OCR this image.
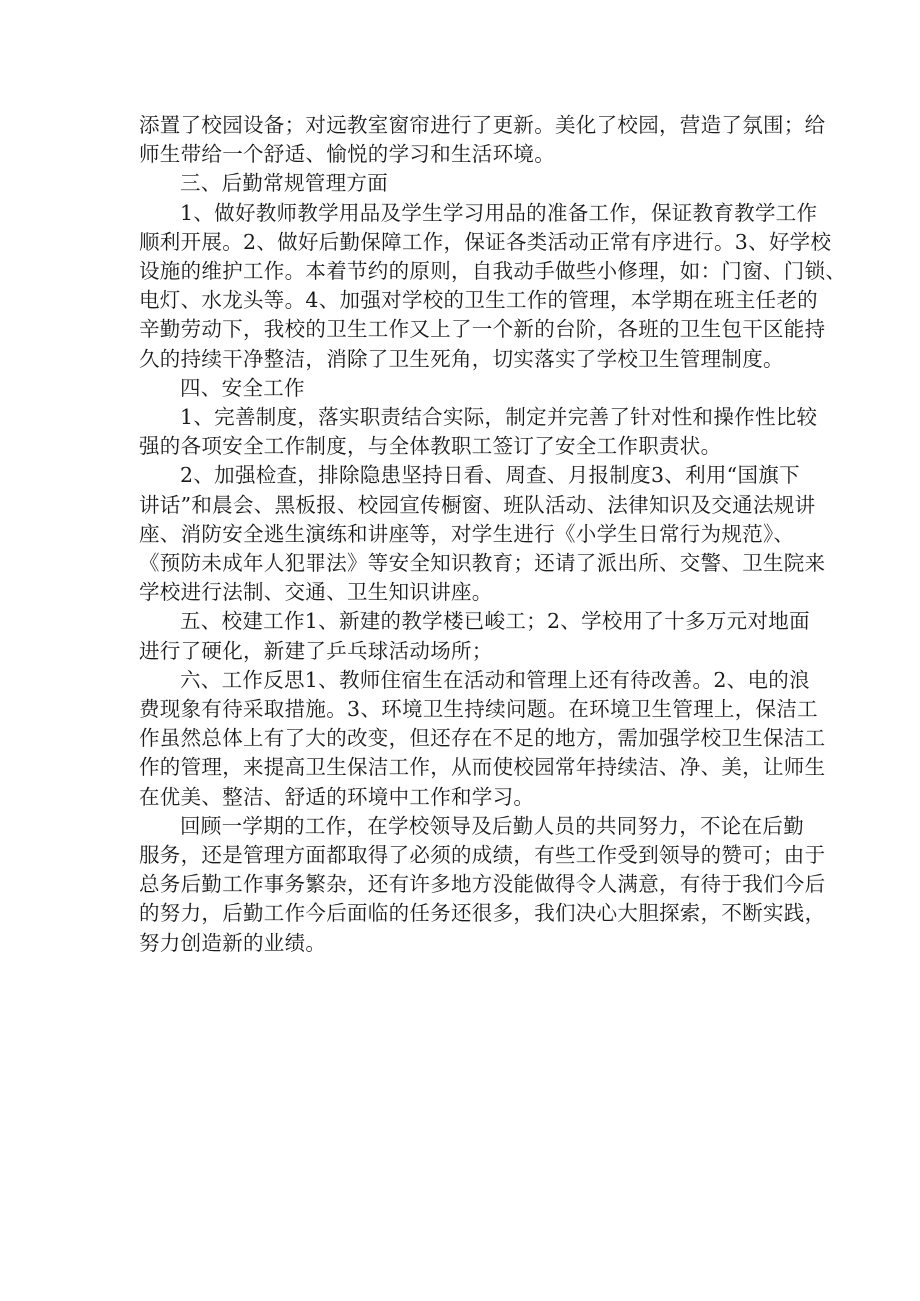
添置了校园设备；对远教室窗帘进行了更新。美化了校园，营造了氛围；给
师生带给一个舒适、愉悦的学习和生活环境。

三、后勤常规管理方面

1、做好教师教学用品及学生学习用品的准备工作，保证教育教学工作
顺利开展。2、做好后勤保障工作，保证各类活动正常有序进行。3、好学校
设施的维护工作。本着节约的原则，自我动手做些小修理，如：门窗、门锁、
电灯、水龙头等。4、加强对学校的卫生工作的管理，本学期在班主任老的
辛勤劳动下，我校的卫生工作又上了一个新的台阶，各班的卫生包干区能持
久的持续干净整洁，消除了卫生死角，切实落实了学校卫生管理制度。

四、安全工作

1、完善制度，落实职责结合实际，制定并完善了针对性和操作性比较
强的各项安全工作制度，与全体教职工签订了安全工作职责状。

2、加强检查，排除隐患坚持日看、周查、月报制度3、利用“国旗下
讲话”和晨会、黑板报、校园宣传橱窗、班队活动、法律知识及交通法规讲
座、消防安全逃生演练和讲座等，对学生进行《小学生日常行为规范》、
《预防未成年人犯罪法》等安全知识教育；还请了派出所、交警、卫生院来
学校进行法制、交通、卫生知识讲座。

五、校建工作1、新建的教学楼已峻工；2、学校用了十多万元对地面
进行了硬化，新建了乒乓球活动场所；

六、工作反思1、教师住宿生在活动和管理上还有待改善。2、电的浪
费现象有待采取措施。3、环境卫生持续问题。在环境卫生管理上，保洁工
作虽然总体上有了大的改变，但还存在不足的地方，需加强学校卫生保洁工
作的管理，来提高卫生保洁工作，从而使校园常年持续洁、净、美，让师生
在优美、整洁、舒适的环境中工作和学习。

回顾一学期的工作，在学校领导及后勤人员的共同努力，不论在后勤
服务，还是管理方面都取得了必须的成绩，有些工作受到领导的赞可；由于
总务后勤工作事务繁杂，还有许多地方没能做得令人满意，有待于我们今后
的努力，后勤工作今后面临的任务还很多，我们决心大胆探索，不断实践，
努力创造新的业绩。
